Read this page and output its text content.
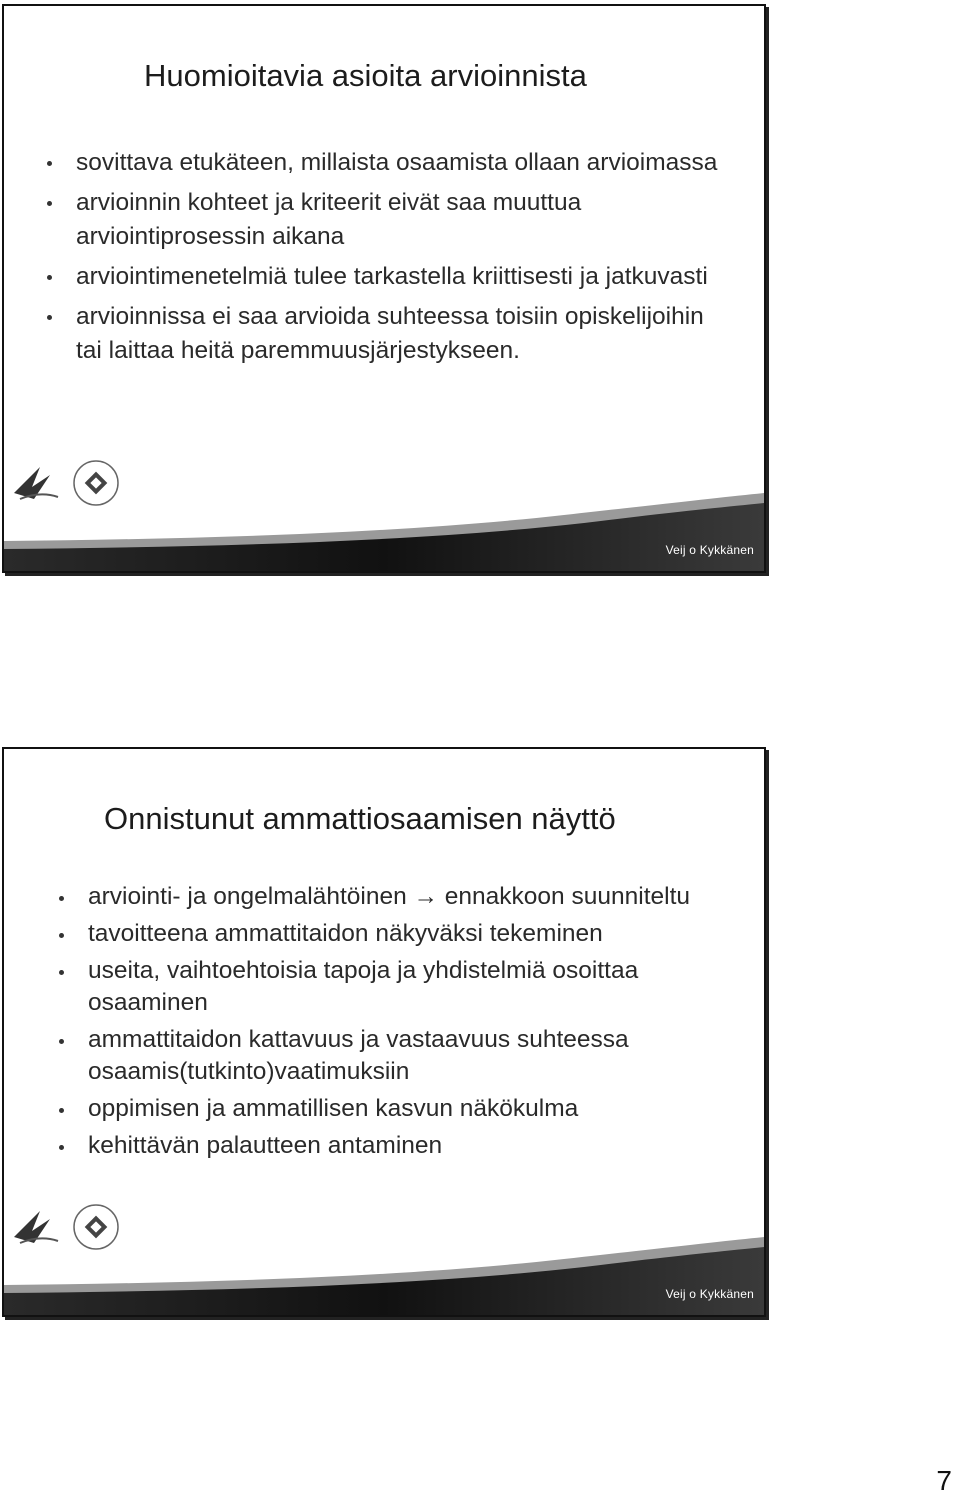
Huomioitavia asioita arvioinnista
sovittava etukäteen, millaista osaamista ollaan arvioimassa
arvioinnin kohteet ja kriteerit eivät saa muuttua arviointiprosessin aikana
arviointimenetelmiä tulee tarkastella kriittisesti ja jatkuvasti
arvioinnissa ei saa arvioida suhteessa toisiin opiskelijoihin tai laittaa heitä paremmuusjärjestykseen.
Veij o Kykkänen
Onnistunut ammattiosaamisen näyttö
arviointi- ja ongelmalähtöinen → ennakkoon suunniteltu
tavoitteena ammattitaidon näkyväksi tekeminen
useita, vaihtoehtoisia tapoja ja yhdistelmiä osoittaa osaaminen
ammattitaidon kattavuus ja vastaavuus suhteessa osaamis(tutkinto)vaatimuksiin
oppimisen ja ammatillisen kasvun näkökulma
kehittävän palautteen antaminen
Veij o Kykkänen
7
